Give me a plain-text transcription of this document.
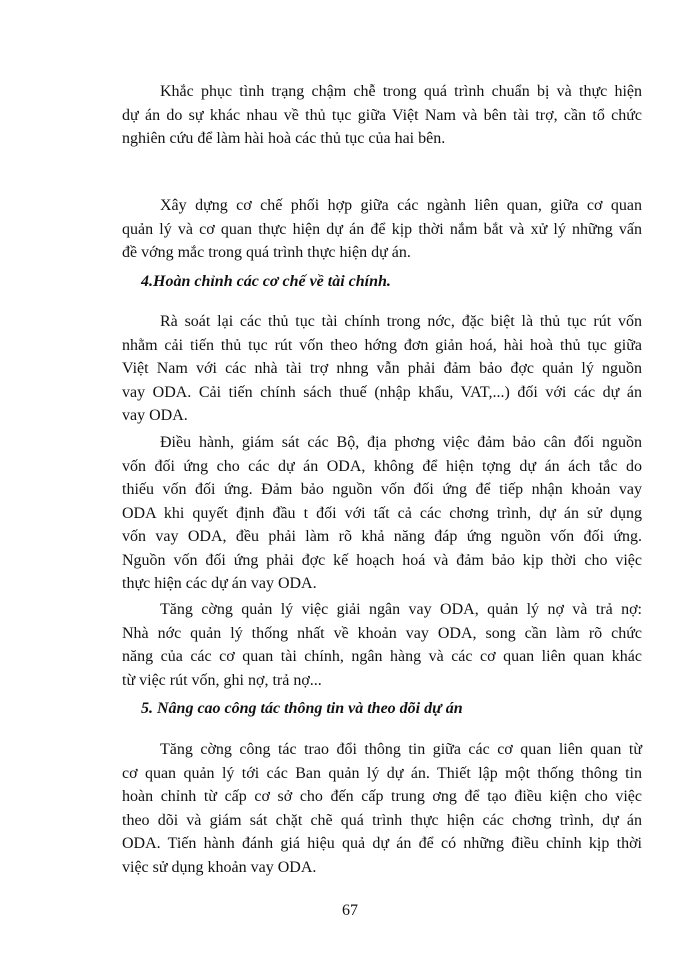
Khắc phục tình trạng chậm chễ trong quá trình chuẩn bị và thực hiện
dự án do sự khác nhau về thủ tục giữa Việt Nam và bên tài trợ, cần tổ chức
nghiên cứu để làm hài hoà các thủ tục của hai bên.

Xây dựng cơ chế phối hợp giữa các ngành liên quan, giữa cơ quan
quản lý và cơ quan thực hiện dự án để kịp thời nắm bắt và xử lý những vấn
đề vớng mắc trong quá trình thực hiện dự án.

4.Hoàn chỉnh các cơ chế về tài chính.

Rà soát lại các thủ tục tài chính trong nớc, đặc biệt là thủ tục rút vốn
nhằm cải tiến thủ tục rút vốn theo hớng đơn giản hoá, hài hoà thủ tục giữa
Việt Nam với các nhà tài trợ nhng vẫn phải đảm bảo đợc quản lý nguồn
vay ODA. Cải tiến chính sách thuế (nhập khẩu, VAT,...) đối với các dự án
vay ODA.

Điều hành, giám sát các Bộ, địa phơng việc đảm bảo cân đối nguồn
vốn đối ứng cho các dự án ODA, không để hiện tợng dự án ách tắc do
thiếu vốn đối ứng. Đảm bảo nguồn vốn đối ứng để tiếp nhận khoản vay
ODA khi quyết định đầu t đối với tất cả các chơng trình, dự án sử dụng
vốn vay ODA, đều phải làm rõ khả năng đáp ứng nguồn vốn đối ứng.
Nguồn vốn đối ứng phải đợc kế hoạch hoá và đảm bảo kịp thời cho việc
thực hiện các dự án vay ODA.

Tăng cờng quản lý việc giải ngân vay ODA, quản lý nợ và trả nợ:
Nhà nớc quản lý thống nhất về khoản vay ODA, song cần làm rõ chức
năng của các cơ quan tài chính, ngân hàng và các cơ quan liên quan khác
từ việc rút vốn, ghi nợ, trả nợ...

5. Nâng cao công tác thông tin và theo dõi dự án

Tăng cờng công tác trao đổi thông tin giữa các cơ quan liên quan từ
cơ quan quản lý tới các Ban quản lý dự án. Thiết lập một thống thông tin
hoàn chỉnh từ cấp cơ sở cho đến cấp trung ơng để tạo điều kiện cho việc
theo dõi và giám sát chặt chẽ quá trình thực hiện các chơng trình, dự án
ODA. Tiến hành đánh giá hiệu quả dự án để có những điều chỉnh kịp thời
việc sử dụng khoản vay ODA.

67
